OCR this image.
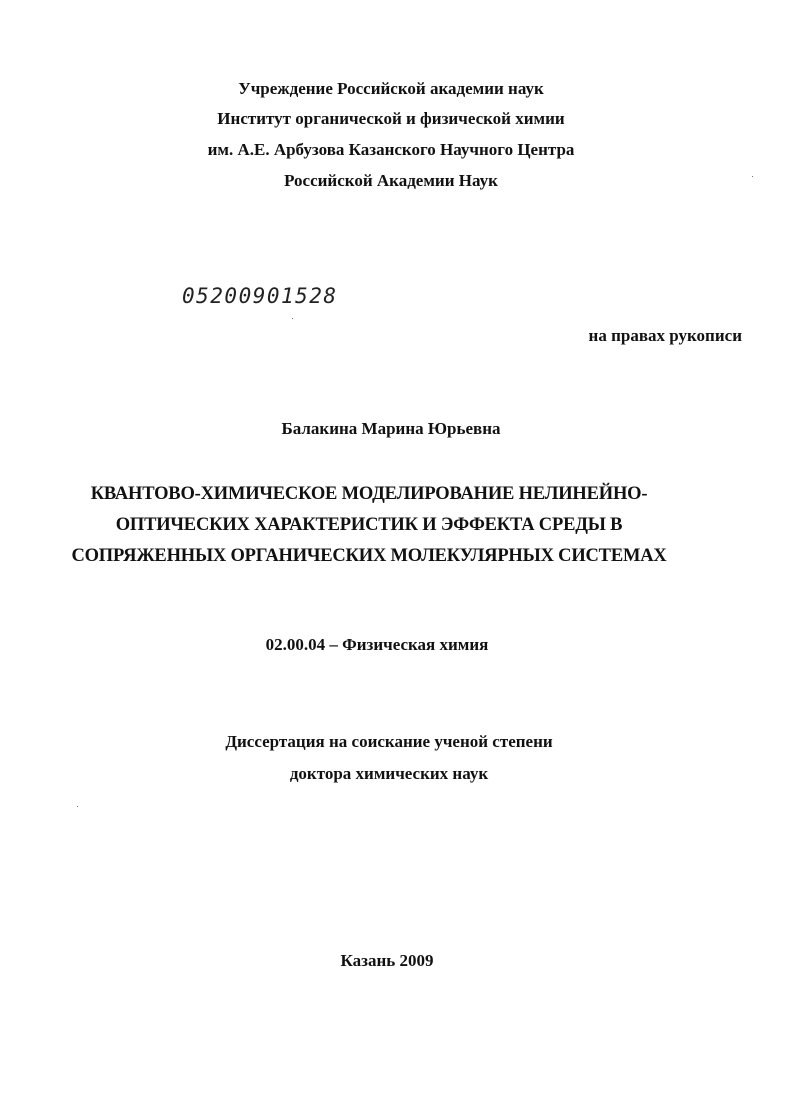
Учреждение Российской академии наук
Институт органической и физической химии
им. А.Е. Арбузова Казанского Научного Центра
Российской Академии Наук
05200901528
на правах рукописи
Балакина Марина Юрьевна
КВАНТОВО-ХИМИЧЕСКОЕ МОДЕЛИРОВАНИЕ НЕЛИНЕЙНО-
ОПТИЧЕСКИХ ХАРАКТЕРИСТИК И ЭФФЕКТА СРЕДЫ В
СОПРЯЖЕННЫХ ОРГАНИЧЕСКИХ МОЛЕКУЛЯРНЫХ СИСТЕМАХ
02.00.04 – Физическая химия
Диссертация на соискание ученой степени
доктора химических наук
Казань 2009
